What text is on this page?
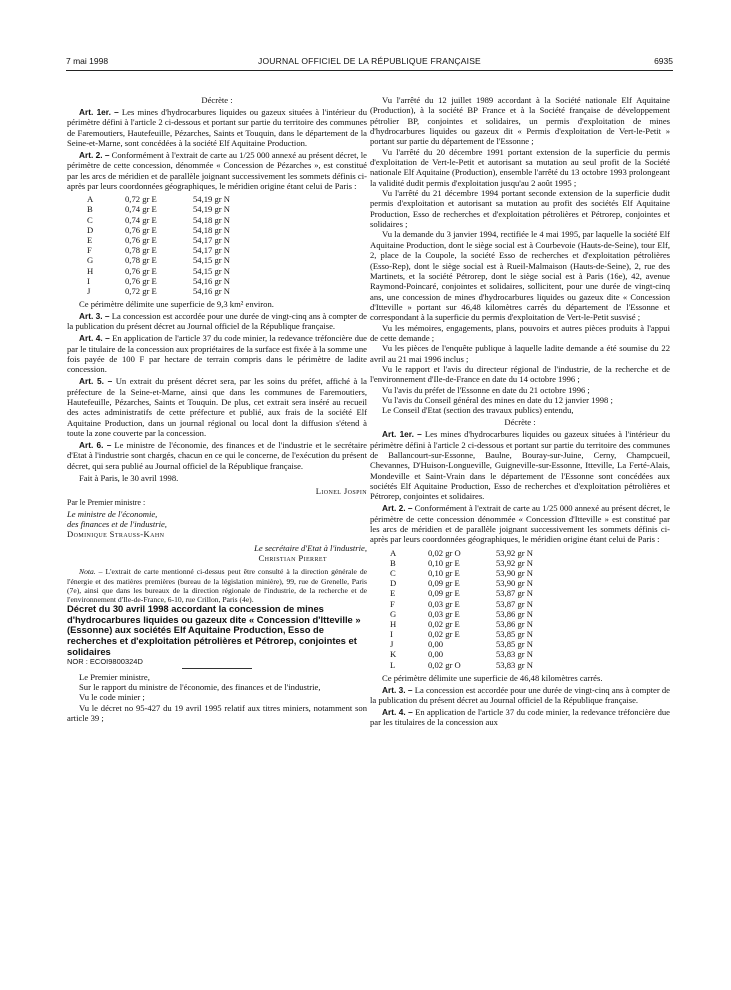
7 mai 1998	JOURNAL OFFICIEL DE LA RÉPUBLIQUE FRANÇAISE	6935

Décrète :

Art. 1er. – Les mines d'hydrocarbures liquides ou gazeux situées à l'intérieur du périmètre défini à l'article 2 ci-dessous et portant sur partie du territoire des communes de Faremoutiers, Hautefeuille, Pézarches, Saints et Touquin, dans le département de la Seine-et-Marne, sont concédées à la société Elf Aquitaine Production.

Art. 2. – Conformément à l'extrait de carte au 1/25 000 annexé au présent décret, le périmètre de cette concession, dénommée « Concession de Pézarches », est constitué par les arcs de méridien et de parallèle joignant successivement les sommets définis ci-après par leurs coordonnées géographiques, le méridien origine étant celui de Paris :

A	0,72 gr E	54,19 gr N
B	0,74 gr E	54,19 gr N
C	0,74 gr E	54,18 gr N
D	0,76 gr E	54,18 gr N
E	0,76 gr E	54,17 gr N
F	0,78 gr E	54,17 gr N
G	0,78 gr E	54,15 gr N
H	0,76 gr E	54,15 gr N
I	0,76 gr E	54,16 gr N
J	0,72 gr E	54,16 gr N

Ce périmètre délimite une superficie de 9,3 km² environ.

Art. 3. – La concession est accordée pour une durée de vingt-cinq ans à compter de la publication du présent décret au Journal officiel de la République française.

Art. 4. – En application de l'article 37 du code minier, la redevance tréfoncière due par le titulaire de la concession aux propriétaires de la surface est fixée à la somme une fois payée de 100 F par hectare de terrain compris dans le périmètre de ladite concession.

Art. 5. – Un extrait du présent décret sera, par les soins du préfet, affiché à la préfecture de la Seine-et-Marne, ainsi que dans les communes de Faremoutiers, Hautefeuille, Pézarches, Saints et Touquin. De plus, cet extrait sera inséré au recueil des actes administratifs de cette préfecture et publié, aux frais de la société Elf Aquitaine Production, dans un journal régional ou local dont la diffusion s'étend à toute la zone couverte par la concession.

Art. 6. – Le ministre de l'économie, des finances et de l'industrie et le secrétaire d'Etat à l'industrie sont chargés, chacun en ce qui le concerne, de l'exécution du présent décret, qui sera publié au Journal officiel de la République française.

Fait à Paris, le 30 avril 1998.

Lionel Jospin

Par le Premier ministre :

Le ministre de l'économie,

des finances et de l'industrie,

Dominique Strauss-Kahn

Le secrétaire d'Etat à l'industrie,

Christian Pierret

Nota. – L'extrait de carte mentionné ci-dessus peut être consulté à la direction générale de l'énergie et des matières premières (bureau de la législation minière), 99, rue de Grenelle, Paris (7e), ainsi que dans les bureaux de la direction régionale de l'industrie, de la recherche et de l'environnement d'Ile-de-France, 6-10, rue Crillon, Paris (4e).

Décret du 30 avril 1998 accordant la concession de mines d'hydrocarbures liquides ou gazeux dite « Concession d'Itteville » (Essonne) aux sociétés Elf Aquitaine Production, Esso de recherches et d'exploitation pétrolières et Pétrorep, conjointes et solidaires

NOR : ECOI9800324D

Le Premier ministre,

Sur le rapport du ministre de l'économie, des finances et de l'industrie,

Vu le code minier ;

Vu le décret no 95-427 du 19 avril 1995 relatif aux titres miniers, notamment son article 39 ;

Vu l'arrêté du 12 juillet 1989 accordant à la Société nationale Elf Aquitaine (Production), à la société BP France et à la Société française de développement pétrolier BP, conjointes et solidaires, un permis d'exploitation de mines d'hydrocarbures liquides ou gazeux dit « Permis d'exploitation de Vert-le-Petit » portant sur partie du département de l'Essonne ;

Vu l'arrêté du 20 décembre 1991 portant extension de la superficie du permis d'exploitation de Vert-le-Petit et autorisant sa mutation au seul profit de la Société nationale Elf Aquitaine (Production), ensemble l'arrêté du 13 octobre 1993 prolongeant la validité dudit permis d'exploitation jusqu'au 2 août 1995 ;

Vu l'arrêté du 21 décembre 1994 portant seconde extension de la superficie dudit permis d'exploitation et autorisant sa mutation au profit des sociétés Elf Aquitaine Production, Esso de recherches et d'exploitation pétrolières et Pétrorep, conjointes et solidaires ;

Vu la demande du 3 janvier 1994, rectifiée le 4 mai 1995, par laquelle la société Elf Aquitaine Production, dont le siège social est à Courbevoie (Hauts-de-Seine), tour Elf, 2, place de la Coupole, la société Esso de recherches et d'exploitation pétrolières (Esso-Rep), dont le siège social est à Rueil-Malmaison (Hauts-de-Seine), 2, rue des Martinets, et la société Pétrorep, dont le siège social est à Paris (16e), 42, avenue Raymond-Poincaré, conjointes et solidaires, sollicitent, pour une durée de vingt-cinq ans, une concession de mines d'hydrocarbures liquides ou gazeux dite « Concession d'Itteville » portant sur 46,48 kilomètres carrés du département de l'Essonne et correspondant à la superficie du permis d'exploitation de Vert-le-Petit susvisé ;

Vu les mémoires, engagements, plans, pouvoirs et autres pièces produits à l'appui de cette demande ;

Vu les pièces de l'enquête publique à laquelle ladite demande a été soumise du 22 avril au 21 mai 1996 inclus ;

Vu le rapport et l'avis du directeur régional de l'industrie, de la recherche et de l'environnement d'Ile-de-France en date du 14 octobre 1996 ;

Vu l'avis du préfet de l'Essonne en date du 21 octobre 1996 ;

Vu l'avis du Conseil général des mines en date du 12 janvier 1998 ;

Le Conseil d'Etat (section des travaux publics) entendu,

Décrète :

Art. 1er. – Les mines d'hydrocarbures liquides ou gazeux situées à l'intérieur du périmètre défini à l'article 2 ci-dessous et portant sur partie du territoire des communes de Ballancourt-sur-Essonne, Baulne, Bouray-sur-Juine, Cerny, Champcueil, Chevannes, D'Huison-Longueville, Guigneville-sur-Essonne, Itteville, La Ferté-Alais, Mondeville et Saint-Vrain dans le département de l'Essonne sont concédées aux sociétés Elf Aquitaine Production, Esso de recherches et d'exploitation pétrolières et Pétrorep, conjointes et solidaires.

Art. 2. – Conformément à l'extrait de carte au 1/25 000 annexé au présent décret, le périmètre de cette concession dénommée « Concession d'Itteville » est constitué par les arcs de méridien et de parallèle joignant successivement les sommets définis ci-après par leurs coordonnées géographiques, le méridien origine étant celui de Paris :

A	0,02 gr O	53,92 gr N
B	0,10 gr E	53,92 gr N
C	0,10 gr E	53,90 gr N
D	0,09 gr E	53,90 gr N
E	0,09 gr E	53,87 gr N
F	0,03 gr E	53,87 gr N
G	0,03 gr E	53,86 gr N
H	0,02 gr E	53,86 gr N
I	0,02 gr E	53,85 gr N
J	0,00	53,85 gr N
K	0,00	53,83 gr N
L	0,02 gr O	53,83 gr N

Ce périmètre délimite une superficie de 46,48 kilomètres carrés.

Art. 3. – La concession est accordée pour une durée de vingt-cinq ans à compter de la publication du présent décret au Journal officiel de la République française.

Art. 4. – En application de l'article 37 du code minier, la redevance tréfoncière due par les titulaires de la concession aux
